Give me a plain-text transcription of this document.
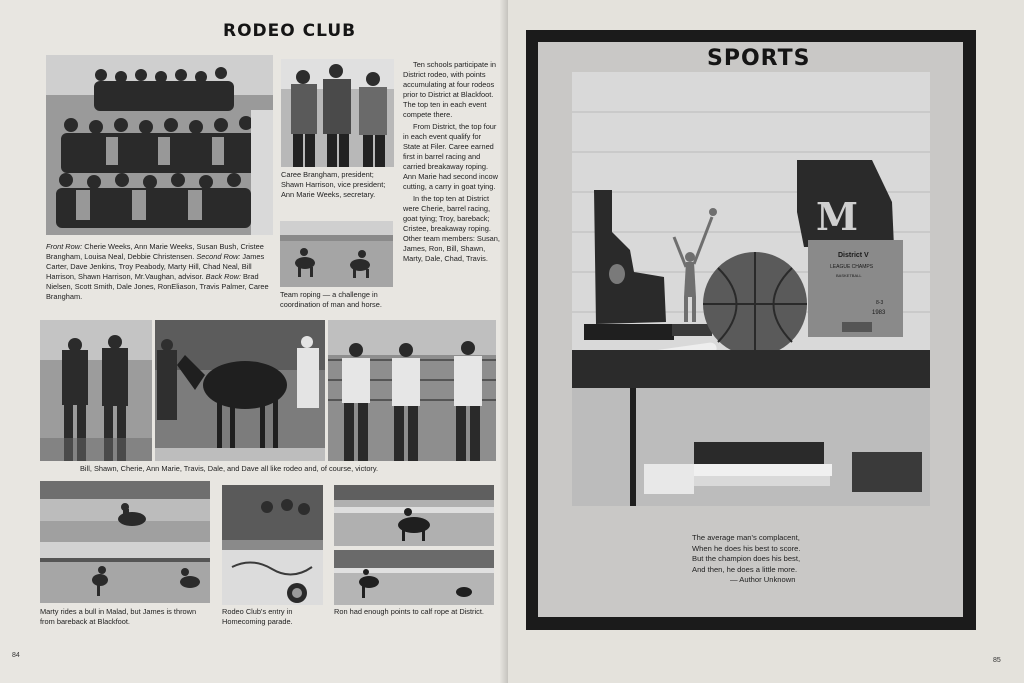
RODEO CLUB
Front Row: Cherie Weeks, Ann Marie Weeks, Susan Bush, Cristee Brangham, Louisa Neal, Debbie Christensen. Second Row: James Carter, Dave Jenkins, Troy Peabody, Marty Hill, Chad Neal, Bill Harrison, Shawn Harrison, Mr.Vaughan, advisor. Back Row: Brad Nielsen, Scott Smith, Dale Jones, RonEliason, Travis Palmer, Caree Brangham.
Caree Brangham, president; Shawn Harrison, vice president; Ann Marie Weeks, secretary.
Team roping — a challenge in coordination of man and horse.

Ten schools participate in District rodeo, with points accumulating at four rodeos prior to District at Blackfoot. The top ten in each event compete there.

From District, the top four in each event qualify for State at Filer. Caree earned first in barrel racing and carried breakaway roping. Ann Marie had second incow cutting, a carry in goat tying.

In the top ten at District were Cherie, barrel racing, goat tying; Troy, bareback; Cristee, breakaway roping. Other team members: Susan, James, Ron, Bill, Shawn, Marty, Dale, Chad, Travis.

Bill, Shawn, Cherie, Ann Marie, Travis, Dale, and Dave all like rodeo and, of course, victory.
Marty rides a bull in Malad, but James is thrown from bareback at Blackfoot.
Rodeo Club's entry in Homecoming parade.
Ron had enough points to calf rope at District.
84
SPORTS
M
District V
LEAGUE CHAMPS
BASKETBALL
8-3
1983
The average man's complacent,
When he does his best to score.
But the champion does his best,
And then, he does a little more.
— Author Unknown
85
